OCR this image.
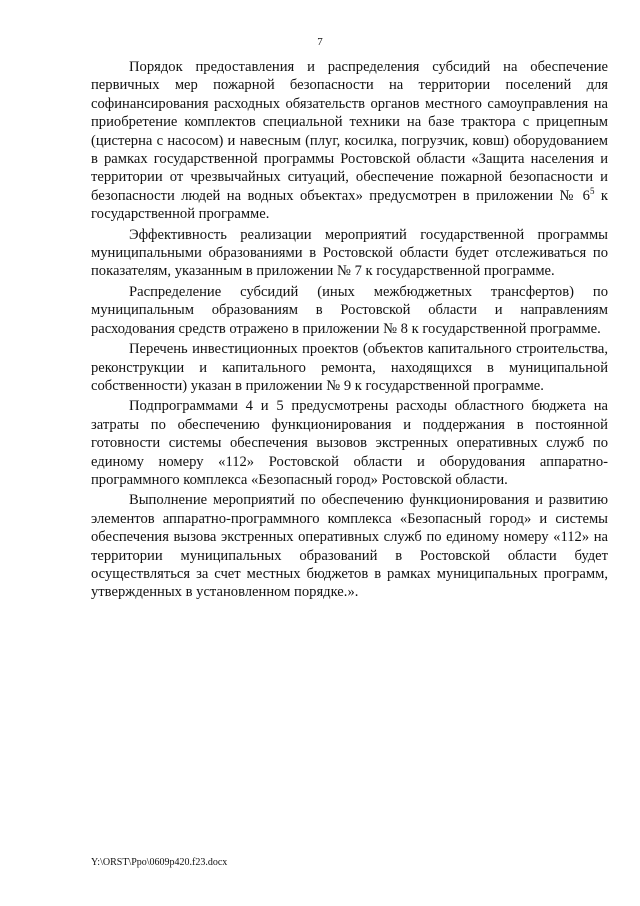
7

Порядок предоставления и распределения субсидий на обеспечение первичных мер пожарной безопасности на территории поселений для софинансирования расходных обязательств органов местного самоуправления на приобретение комплектов специальной техники на базе трактора с прицепным (цистерна с насосом) и навесным (плуг, косилка, погрузчик, ковш) оборудованием в рамках государственной программы Ростовской области «Защита населения и территории от чрезвычайных ситуаций, обеспечение пожарной безопасности и безопасности людей на водных объектах» предусмотрен в приложении № $6^5$ к государственной программе.

Эффективность реализации мероприятий государственной программы муниципальными образованиями в Ростовской области будет отслеживаться по показателям, указанным в приложении № 7 к государственной программе.

Распределение субсидий (иных межбюджетных трансфертов) по муниципальным образованиям в Ростовской области и направлениям расходования средств отражено в приложении № 8 к государственной программе.

Перечень инвестиционных проектов (объектов капитального строительства, реконструкции и капитального ремонта, находящихся в муниципальной собственности) указан в приложении № 9 к государственной программе.

Подпрограммами 4 и 5 предусмотрены расходы областного бюджета на затраты по обеспечению функционирования и поддержания в постоянной готовности системы обеспечения вызовов экстренных оперативных служб по единому номеру «112» Ростовской области и оборудования аппаратно-программного комплекса «Безопасный город» Ростовской области.

Выполнение мероприятий по обеспечению функционирования и развитию элементов аппаратно-программного комплекса «Безопасный город» и системы обеспечения вызова экстренных оперативных служб по единому номеру «112» на территории муниципальных образований в Ростовской области будет осуществляться за счет местных бюджетов в рамках муниципальных программ, утвержденных в установленном порядке.».

Y:\ORST\Ppo\0609p420.f23.docx
